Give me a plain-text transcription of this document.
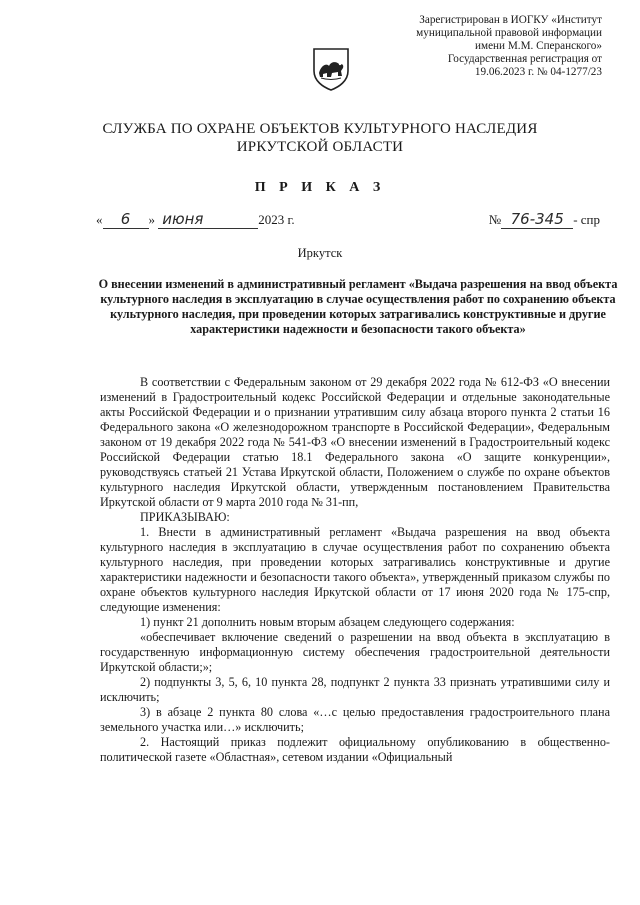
Зарегистрирован в ИОГКУ «Институт
муниципальной правовой информации
имени М.М. Сперанского»
Государственная регистрация от
19.06.2023 г. № 04-1277/23
СЛУЖБА ПО ОХРАНЕ ОБЪЕКТОВ КУЛЬТУРНОГО НАСЛЕДИЯ
ИРКУТСКОЙ ОБЛАСТИ
П Р И К А З
« 6 » июня	2023 г.	№ 76-345 - спр
Иркутск
О внесении изменений в административный регламент «Выдача разрешения на ввод объекта культурного наследия в эксплуатацию в случае осуществления работ по сохранению объекта культурного наследия, при проведении которых затрагивались конструктивные и другие характеристики надежности и безопасности такого объекта»

В соответствии с Федеральным законом от 29 декабря 2022 года № 612-ФЗ «О внесении изменений в Градостроительный кодекс Российской Федерации и отдельные законодательные акты Российской Федерации и о признании утратившим силу абзаца второго пункта 2 статьи 16 Федерального закона «О железнодорожном транспорте в Российской Федерации», Федеральным законом от 19 декабря 2022 года № 541-ФЗ «О внесении изменений в Градостроительный кодекс Российской Федерации статью 18.1 Федерального закона «О защите конкуренции», руководствуясь статьей 21 Устава Иркутской области, Положением о службе по охране объектов культурного наследия Иркутской области, утвержденным постановлением Правительства Иркутской области от 9 марта 2010 года № 31-пп,

ПРИКАЗЫВАЮ:

1. Внести в административный регламент «Выдача разрешения на ввод объекта культурного наследия в эксплуатацию в случае осуществления работ по сохранению объекта культурного наследия, при проведении которых затрагивались конструктивные и другие характеристики надежности и безопасности такого объекта», утвержденный приказом службы по охране объектов культурного наследия Иркутской области от 17 июня 2020 года № 175-спр, следующие изменения:

1) пункт 21 дополнить новым вторым абзацем следующего содержания:

«обеспечивает включение сведений о разрешении на ввод объекта в эксплуатацию в государственную информационную систему обеспечения градостроительной деятельности Иркутской области;»;

2) подпункты 3, 5, 6, 10 пункта 28, подпункт 2 пункта 33 признать утратившими силу и исключить;

3) в абзаце 2 пункта 80 слова «…с целью предоставления градостроительного плана земельного участка или…» исключить;

2. Настоящий приказ подлежит официальному опубликованию в общественно-политической газете «Областная», сетевом издании «Официальный
